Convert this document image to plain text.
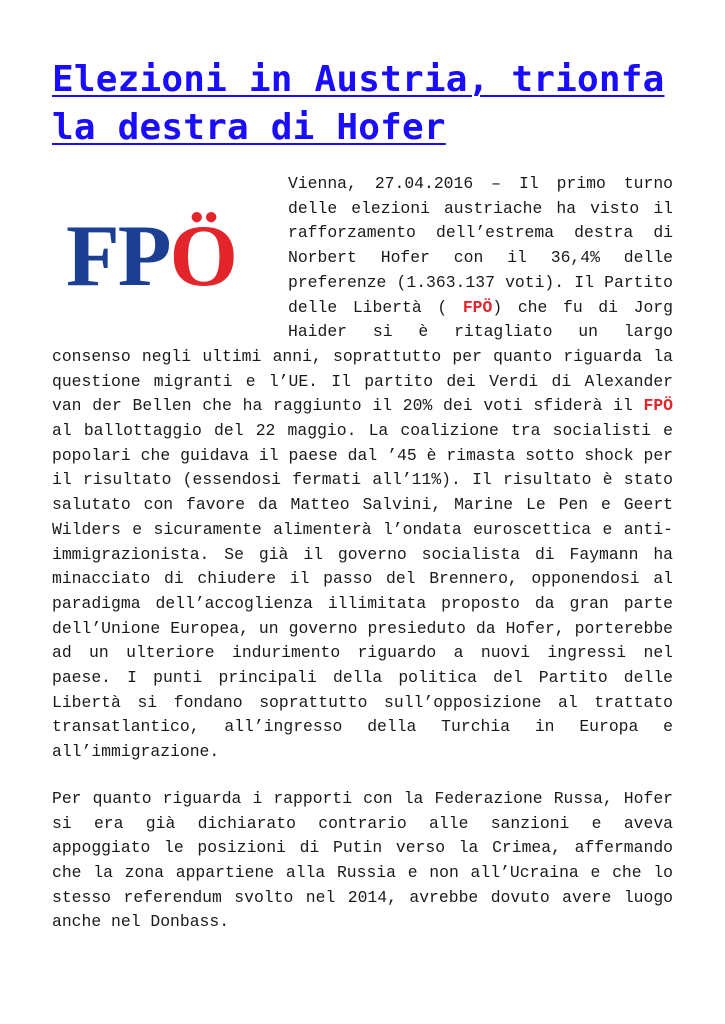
Elezioni in Austria, trionfa la destra di Hofer
FPÖ

Vienna, 27.04.2016 – Il primo turno delle elezioni austriache ha visto il rafforzamento dell’estrema destra di Norbert Hofer con il 36,4% delle preferenze (1.363.137 voti). Il Partito delle Libertà ( FPÖ) che fu di Jorg Haider si è ritagliato un largo consenso negli ultimi anni, soprattutto per quanto riguarda la questione migranti e l’UE. Il partito dei Verdi di Alexander van der Bellen che ha raggiunto il 20% dei voti sfiderà il FPÖ al ballottaggio del 22 maggio. La coalizione tra socialisti e popolari che guidava il paese dal ’45 è rimasta sotto shock per il risultato (essendosi fermati all’11%). Il risultato è stato salutato con favore da Matteo Salvini, Marine Le Pen e Geert Wilders e sicuramente alimenterà l’ondata euroscettica e anti-immigrazionista. Se già il governo socialista di Faymann ha minacciato di chiudere il passo del Brennero, opponendosi al paradigma dell’accoglienza illimitata proposto da gran parte dell’Unione Europea, un governo presieduto da Hofer, porterebbe ad un ulteriore indurimento riguardo a nuovi ingressi nel paese. I punti principali della politica del Partito delle Libertà si fondano soprattutto sull’opposizione al trattato transatlantico, all’ingresso della Turchia in Europa e all’immigrazione.

Per quanto riguarda i rapporti con la Federazione Russa, Hofer si era già dichiarato contrario alle sanzioni e aveva appoggiato le posizioni di Putin verso la Crimea, affermando che la zona appartiene alla Russia e non all’Ucraina e che lo stesso referendum svolto nel 2014, avrebbe dovuto avere luogo anche nel Donbass.
